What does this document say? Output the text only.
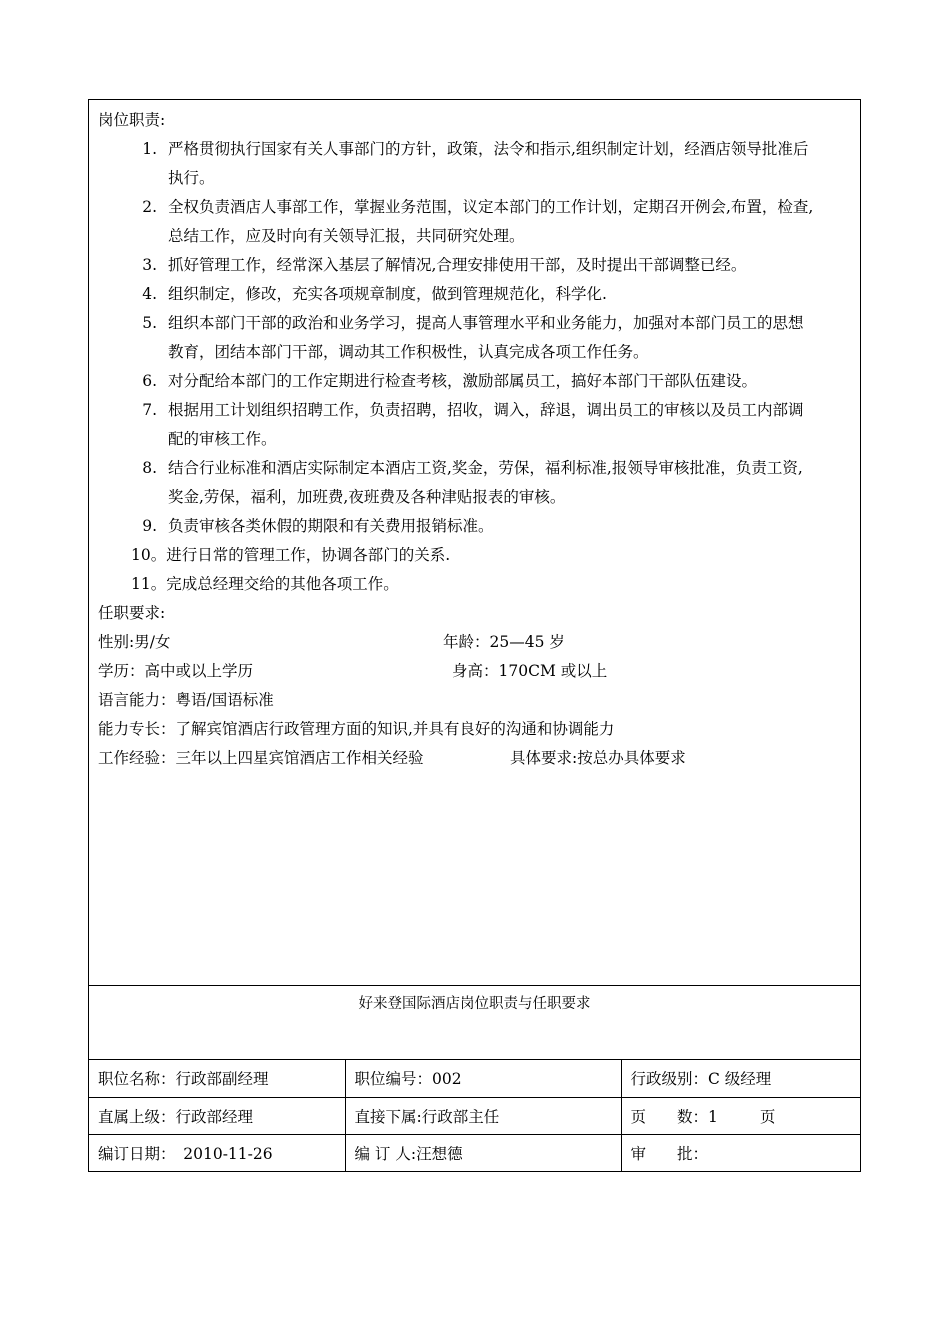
岗位职责:
1. 严格贯彻执行国家有关人事部门的方针，政策，法令和指示,组织制定计划，经酒店领导批准后
执行。
2. 全权负责酒店人事部工作，掌握业务范围，议定本部门的工作计划，定期召开例会,布置，检查,
总结工作，应及时向有关领导汇报，共同研究处理。
3. 抓好管理工作，经常深入基层了解情况,合理安排使用干部，及时提出干部调整已经。
4. 组织制定，修改，充实各项规章制度，做到管理规范化，科学化.
5. 组织本部门干部的政治和业务学习，提高人事管理水平和业务能力，加强对本部门员工的思想
教育，团结本部门干部，调动其工作积极性，认真完成各项工作任务。
6. 对分配给本部门的工作定期进行检查考核，激励部属员工，搞好本部门干部队伍建设。
7. 根据用工计划组织招聘工作，负责招聘，招收，调入，辞退，调出员工的审核以及员工内部调
配的审核工作。
8. 结合行业标准和酒店实际制定本酒店工资,奖金，劳保，福利标准,报领导审核批准，负责工资,
奖金,劳保，福利，加班费,夜班费及各种津贴报表的审核。
9. 负责审核各类休假的期限和有关费用报销标准。
10。进行日常的管理工作，协调各部门的关系.
11。完成总经理交给的其他各项工作。
任职要求:
性别:男/女	年龄：25—45 岁
学历：高中或以上学历	身高：170CM 或以上
语言能力：粤语/国语标准
能力专长：了解宾馆酒店行政管理方面的知识,并具有良好的沟通和协调能力
工作经验：三年以上四星宾馆酒店工作相关经验	具体要求:按总办具体要求
好来登国际酒店岗位职责与任职要求
职位名称：行政部副经理	职位编号：002	行政级别：C 级经理
直属上级：行政部经理	直接下属:行政部主任	页　　数：1 页
编订日期：　2010-11-26	编 订 人:汪想德	审　　批：
